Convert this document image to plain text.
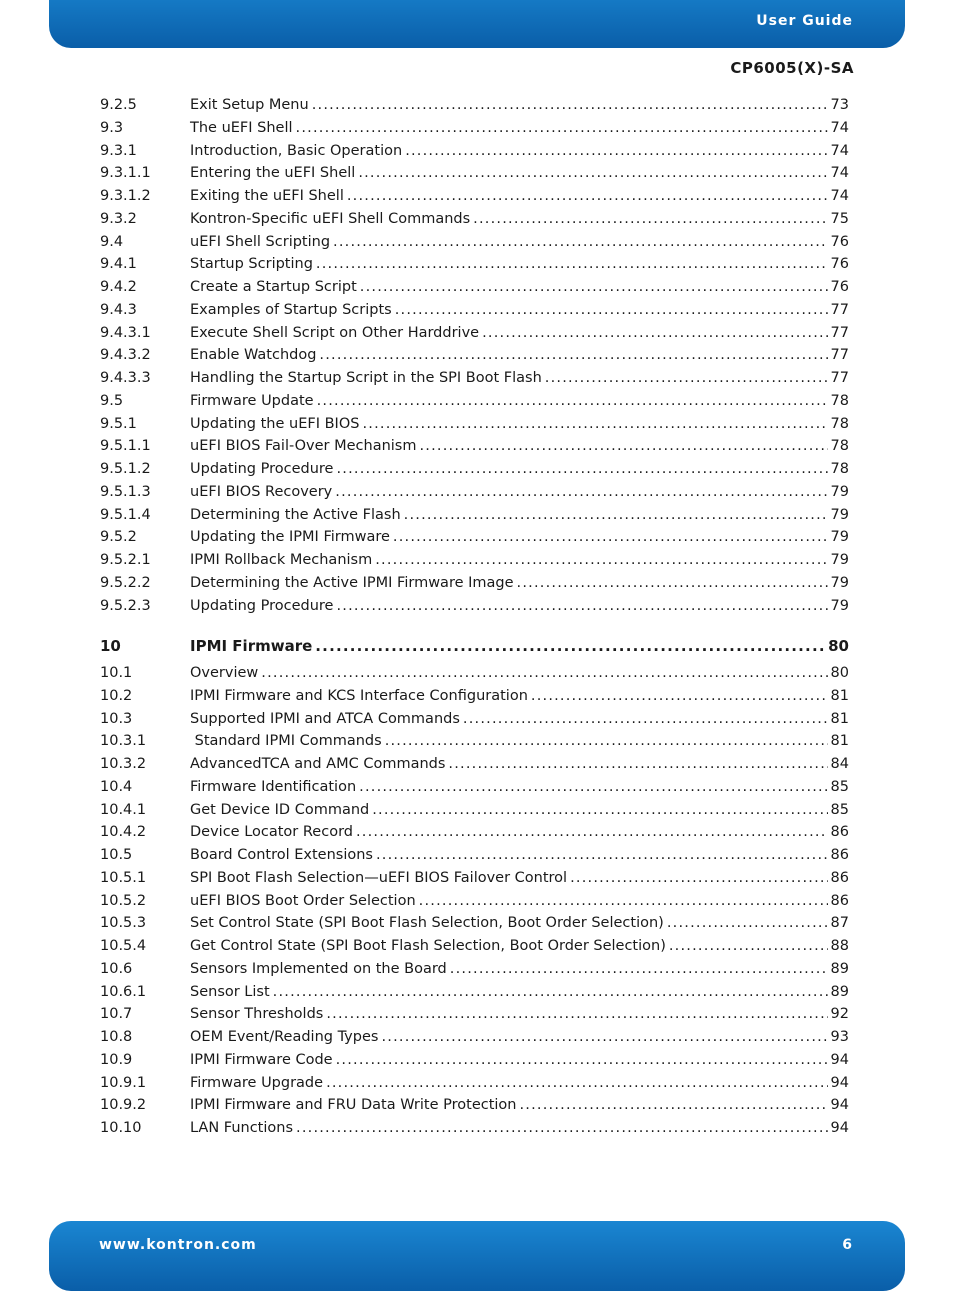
User Guide
CP6005(X)-SA
9.2.5	Exit Setup Menu .....	73
9.3	The uEFI Shell .....	74
9.3.1	Introduction, Basic Operation .....	74
9.3.1.1	Entering the uEFI Shell .....	74
9.3.1.2	Exiting the uEFI Shell .....	74
9.3.2	Kontron-Specific uEFI Shell Commands .....	75
9.4	uEFI Shell Scripting .....	76
9.4.1	Startup Scripting .....	76
9.4.2	Create a Startup Script .....	76
9.4.3	Examples of Startup Scripts .....	77
9.4.3.1	Execute Shell Script on Other Harddrive .....	77
9.4.3.2	Enable Watchdog .....	77
9.4.3.3	Handling the Startup Script in the SPI Boot Flash .....	77
9.5	Firmware Update .....	78
9.5.1	Updating the uEFI BIOS .....	78
9.5.1.1	uEFI BIOS Fail-Over Mechanism .....	78
9.5.1.2	Updating Procedure .....	78
9.5.1.3	uEFI BIOS Recovery .....	79
9.5.1.4	Determining the Active Flash .....	79
9.5.2	Updating the IPMI Firmware .....	79
9.5.2.1	IPMI Rollback Mechanism .....	79
9.5.2.2	Determining the Active IPMI Firmware Image .....	79
9.5.2.3	Updating Procedure .....	79
10	IPMI Firmware .....	80
10.1	Overview .....	80
10.2	IPMI Firmware and KCS Interface Configuration .....	81
10.3	Supported IPMI and ATCA Commands .....	81
10.3.1	Standard IPMI Commands .....	81
10.3.2	AdvancedTCA and AMC Commands .....	84
10.4	Firmware Identification .....	85
10.4.1	Get Device ID Command .....	85
10.4.2	Device Locator Record .....	86
10.5	Board Control Extensions .....	86
10.5.1	SPI Boot Flash Selection—uEFI BIOS Failover Control .....	86
10.5.2	uEFI BIOS Boot Order Selection .....	86
10.5.3	Set Control State (SPI Boot Flash Selection, Boot Order Selection) .....	87
10.5.4	Get Control State (SPI Boot Flash Selection, Boot Order Selection) .....	88
10.6	Sensors Implemented on the Board .....	89
10.6.1	Sensor List .....	89
10.7	Sensor Thresholds .....	92
10.8	OEM Event/Reading Types .....	93
10.9	IPMI Firmware Code .....	94
10.9.1	Firmware Upgrade .....	94
10.9.2	IPMI Firmware and FRU Data Write Protection .....	94
10.10	LAN Functions .....	94
www.kontron.com	6
